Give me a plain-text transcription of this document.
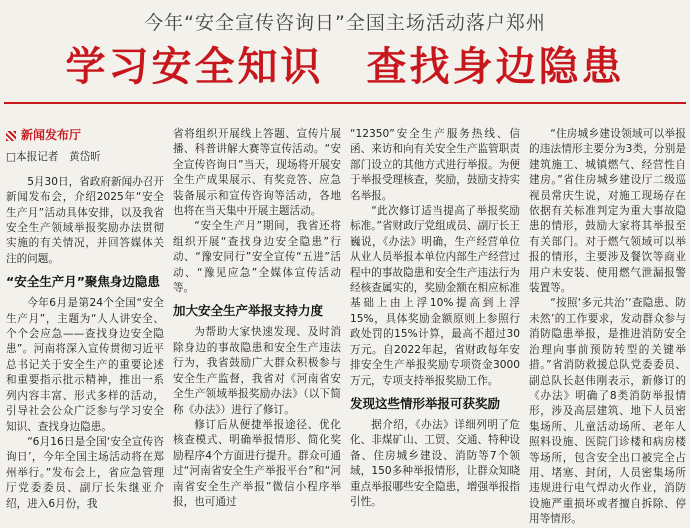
今年“安全宣传咨询日”全国主场活动落户郑州
学习安全知识　查找身边隐患
新闻发布厅
□本报记者　黄岱昕

5月30日，省政府新闻办召开新闻发布会，介绍2025年“安全生产月”活动具体安排，以及我省安全生产领域举报奖励办法贯彻实施的有关情况，并回答媒体关注的问题。

“安全生产月”聚焦身边隐患

今年6月是第24个全国“安全生产月”，主题为“人人讲安全、个个会应急——查找身边安全隐患”。河南将深入宣传贯彻习近平总书记关于安全生产的重要论述和重要指示批示精神，推出一系列内容丰富、形式多样的活动，引导社会公众广泛参与学习安全知识、查找身边隐患。

“6月16日是全国‘安全宣传咨询日’，今年全国主场活动将在郑州举行。”发布会上，省应急管理厅党委委员、副厅长朱继亚介绍，进入6月份，我

省将组织开展线上答题、宣传片展播、科普讲解大赛等宣传活动。“安全宣传咨询日”当天，现场将开展安全生产成果展示、有奖竞答、应急装备展示和宣传咨询等活动，各地也将在当天集中开展主题活动。

“安全生产月”期间，我省还将组织开展“查找身边安全隐患”行动、“豫安同行”安全宣传“五进”活动、“豫见应急”全媒体宣传活动等。

加大安全生产举报支持力度

为帮助大家快速发现、及时消除身边的事故隐患和安全生产违法行为，我省鼓励广大群众积极参与安全生产监督，我省对《河南省安全生产领域举报奖励办法》（以下简称《办法》）进行了修订。

修订后从便捷举报途径、优化核查模式、明确举报情形、简化奖励程序4个方面进行提升。群众可通过“河南省安全生产举报平台”和“河南省安全生产举报”微信小程序举报，也可通过

“12350”安全生产服务热线、信函、来访和向有关安全生产监管职责部门设立的其他方式进行举报。为便于举报受理核查，奖励，鼓励支持实名举报。

“此次修订适当提高了举报奖励标准。”省财政厅党组成员、副厅长王巍说，《办法》明确，生产经营单位从业人员举报本单位内部生产经营过程中的事故隐患和安全生产违法行为经核查属实的，奖励金额在相应标准基础上由上浮10%提高到上浮15%，具体奖励金额原则上参照行政处罚的15%计算，最高不超过30万元。自2022年起，省财政每年安排安全生产举报奖励专项资金3000万元，专项支持举报奖励工作。

发现这些情形举报可获奖励

据介绍，《办法》详细列明了危化、非煤矿山、工贸、交通、特种设备、住房城乡建设、消防等7个领域，150多种举报情形，让群众知晓重点举报哪些安全隐患，增强举报指引性。

“住房城乡建设领域可以举报的违法情形主要分为3类，分别是建筑施工、城镇燃气、经营性自建房。”省住房城乡建设厅二级巡视员常庆生说，对施工现场存在依据有关标准判定为重大事故隐患的情形，鼓励大家将其举报至有关部门。对于燃气领域可以举报的情形，主要涉及餐饮等商业用户未安装、使用燃气泄漏报警装置等。

“按照‘多元共治’‘查隐患、防未然’的工作要求，发动群众参与消防隐患举报，是推进消防安全治理向事前预防转型的关键举措。”省消防救援总队党委委员、副总队长赵伟刚表示，新修订的《办法》明确了8类消防举报情形，涉及高层建筑、地下人员密集场所、儿童活动场所、老年人照料设施、医院门诊楼和病房楼等场所，包含安全出口被完全占用、堵塞、封闭，人员密集场所违规进行电气焊动火作业，消防设施严重损坏或者擅自拆除、停用等情形。
